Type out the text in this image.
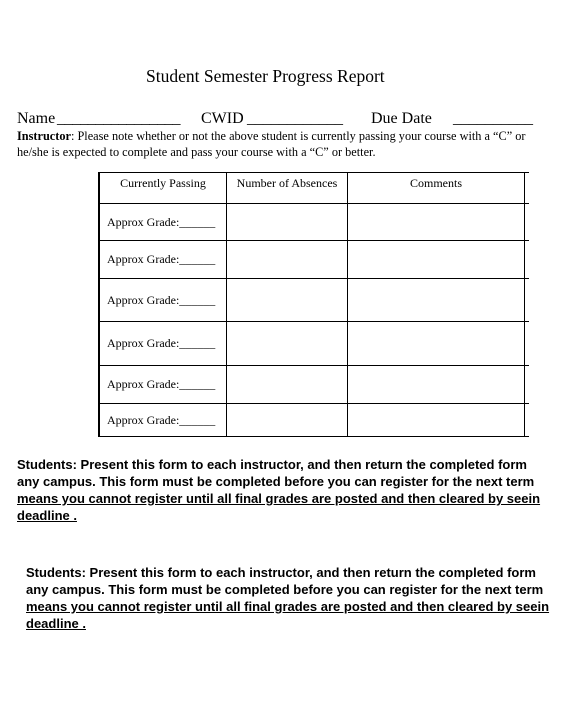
Student Semester Progress Report
Name ________________ CWID ____________ Due Date __________
Instructor: Please note whether or not the above student is currently passing your course with a “C” or he/she is expected to complete and pass your course with a “C” or better.
Currently Passing	Number of Absences	Comments	
Approx Grade:______			
Approx Grade:______			
Approx Grade:______			
Approx Grade:______			
Approx Grade:______			
Approx Grade:______			
Students: Present this form to each instructor, and then return the completed form
any campus. This form must be completed before you can register for the next term
means you cannot register until all final grades are posted and then cleared by seein
deadline .
Students: Present this form to each instructor, and then return the completed form
any campus. This form must be completed before you can register for the next term
means you cannot register until all final grades are posted and then cleared by seein
deadline .
